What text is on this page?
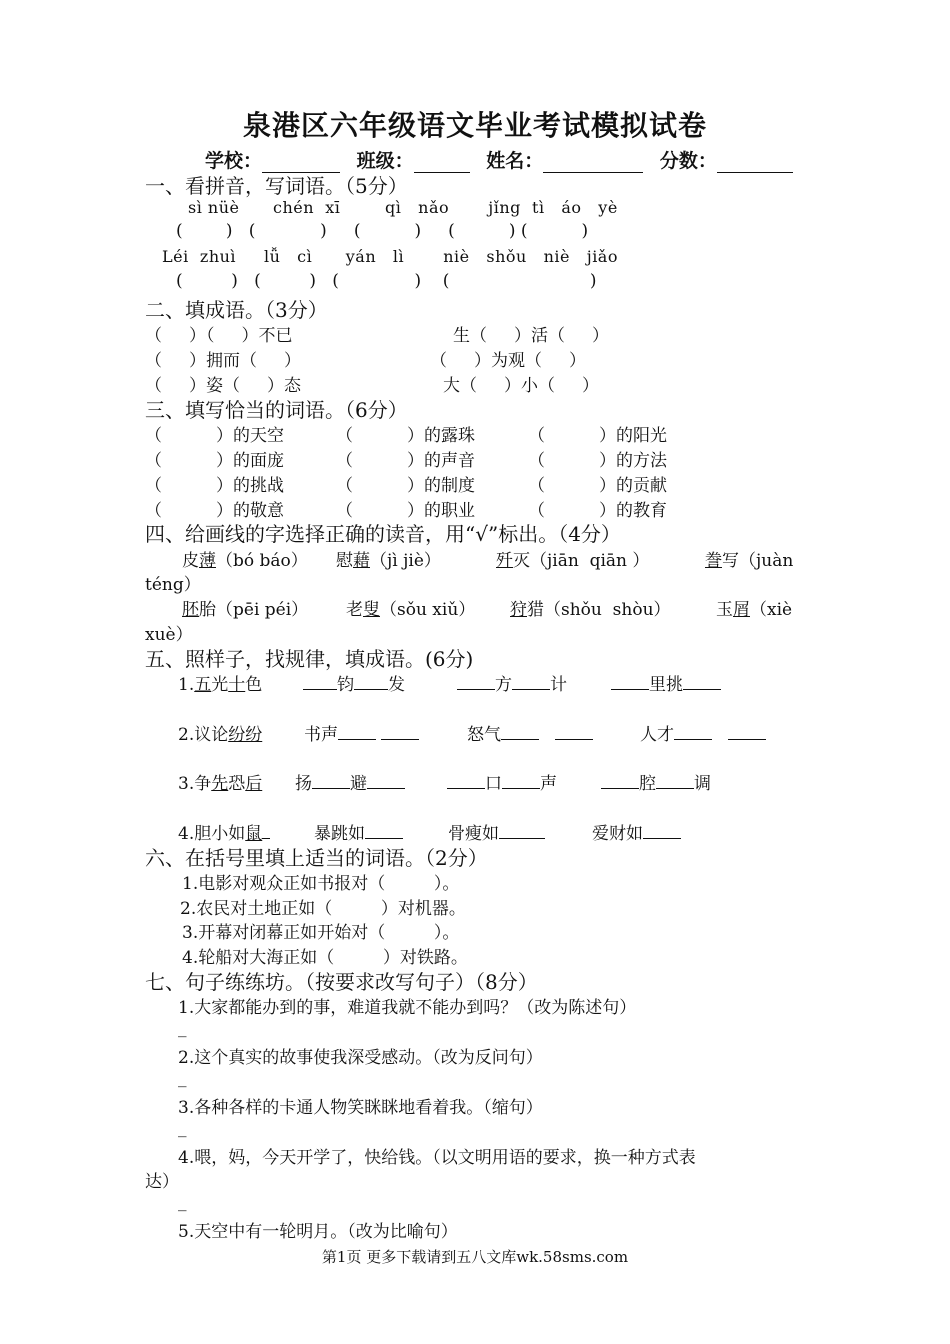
泉港区六年级语文毕业考试模拟试卷
学校：	班级：	姓名：	分数：
一、看拼音，写词语。（5分）
sì nüè      chén  xī        qì   nǎo       jǐng  tì   áo   yè
(        )   (            )     (          )     (          ) (          )
Léi  zhuì     lǚ   cì      yán   lì       niè   shǒu   niè   jiǎo
(         )   (         )   (              )    (                          )
二、填成语。（3分）
（     ）（     ）不已	生（     ）活（     ）
（     ）拥而（     ）	（     ）为观（     ）
（     ）姿（     ）态	大（     ）小（     ）
三、填写恰当的词语。（6分）
（          ）的天空	（          ）的露珠	（          ）的阳光
（          ）的面庞	（          ）的声音	（          ）的方法
（          ）的挑战	（          ）的制度	（          ）的贡献
（          ）的敬意	（          ）的职业	（          ）的教育
四、给画线的字选择正确的读音，用“√”标出。（4分）
皮薄（bó báo） 慰藉（jì jiè）	歼灭（jiān  qiān ）	誊写（juàn
téng）
胚胎（pēi péi） 老叟（sǒu xiǔ） 狩猎（shǒu  shòu）	玉屑（xiè
xuè）
五、照样子，找规律，填成语。(6分)
1.五光十色	钧 发	方 计	里挑
2.议论纷纷 书声	怒气	人才
3.争先恐后 扬 避	口 声	腔 调
4.胆小如鼠	暴跳如	骨瘦如	爱财如
六、在括号里填上适当的词语。（2分）
1.电影对观众正如书报对（         ）。
2.农民对土地正如（         ）对机器。
3.开幕对闭幕正如开始对（         ）。
4.轮船对大海正如（         ）对铁路。
七、句子练练坊。（按要求改写句子）（8分）
1.大家都能办到的事，难道我就不能办到吗？（改为陈述句）
_
2.这个真实的故事使我深受感动。（改为反问句）
_
3.各种各样的卡通人物笑眯眯地看着我。（缩句）
_
4.喂，妈，今天开学了，快给钱。（以文明用语的要求，换一种方式表
达）
_
5.天空中有一轮明月。（改为比喻句）
第1页 更多下载请到五八文库wk.58sms.com
